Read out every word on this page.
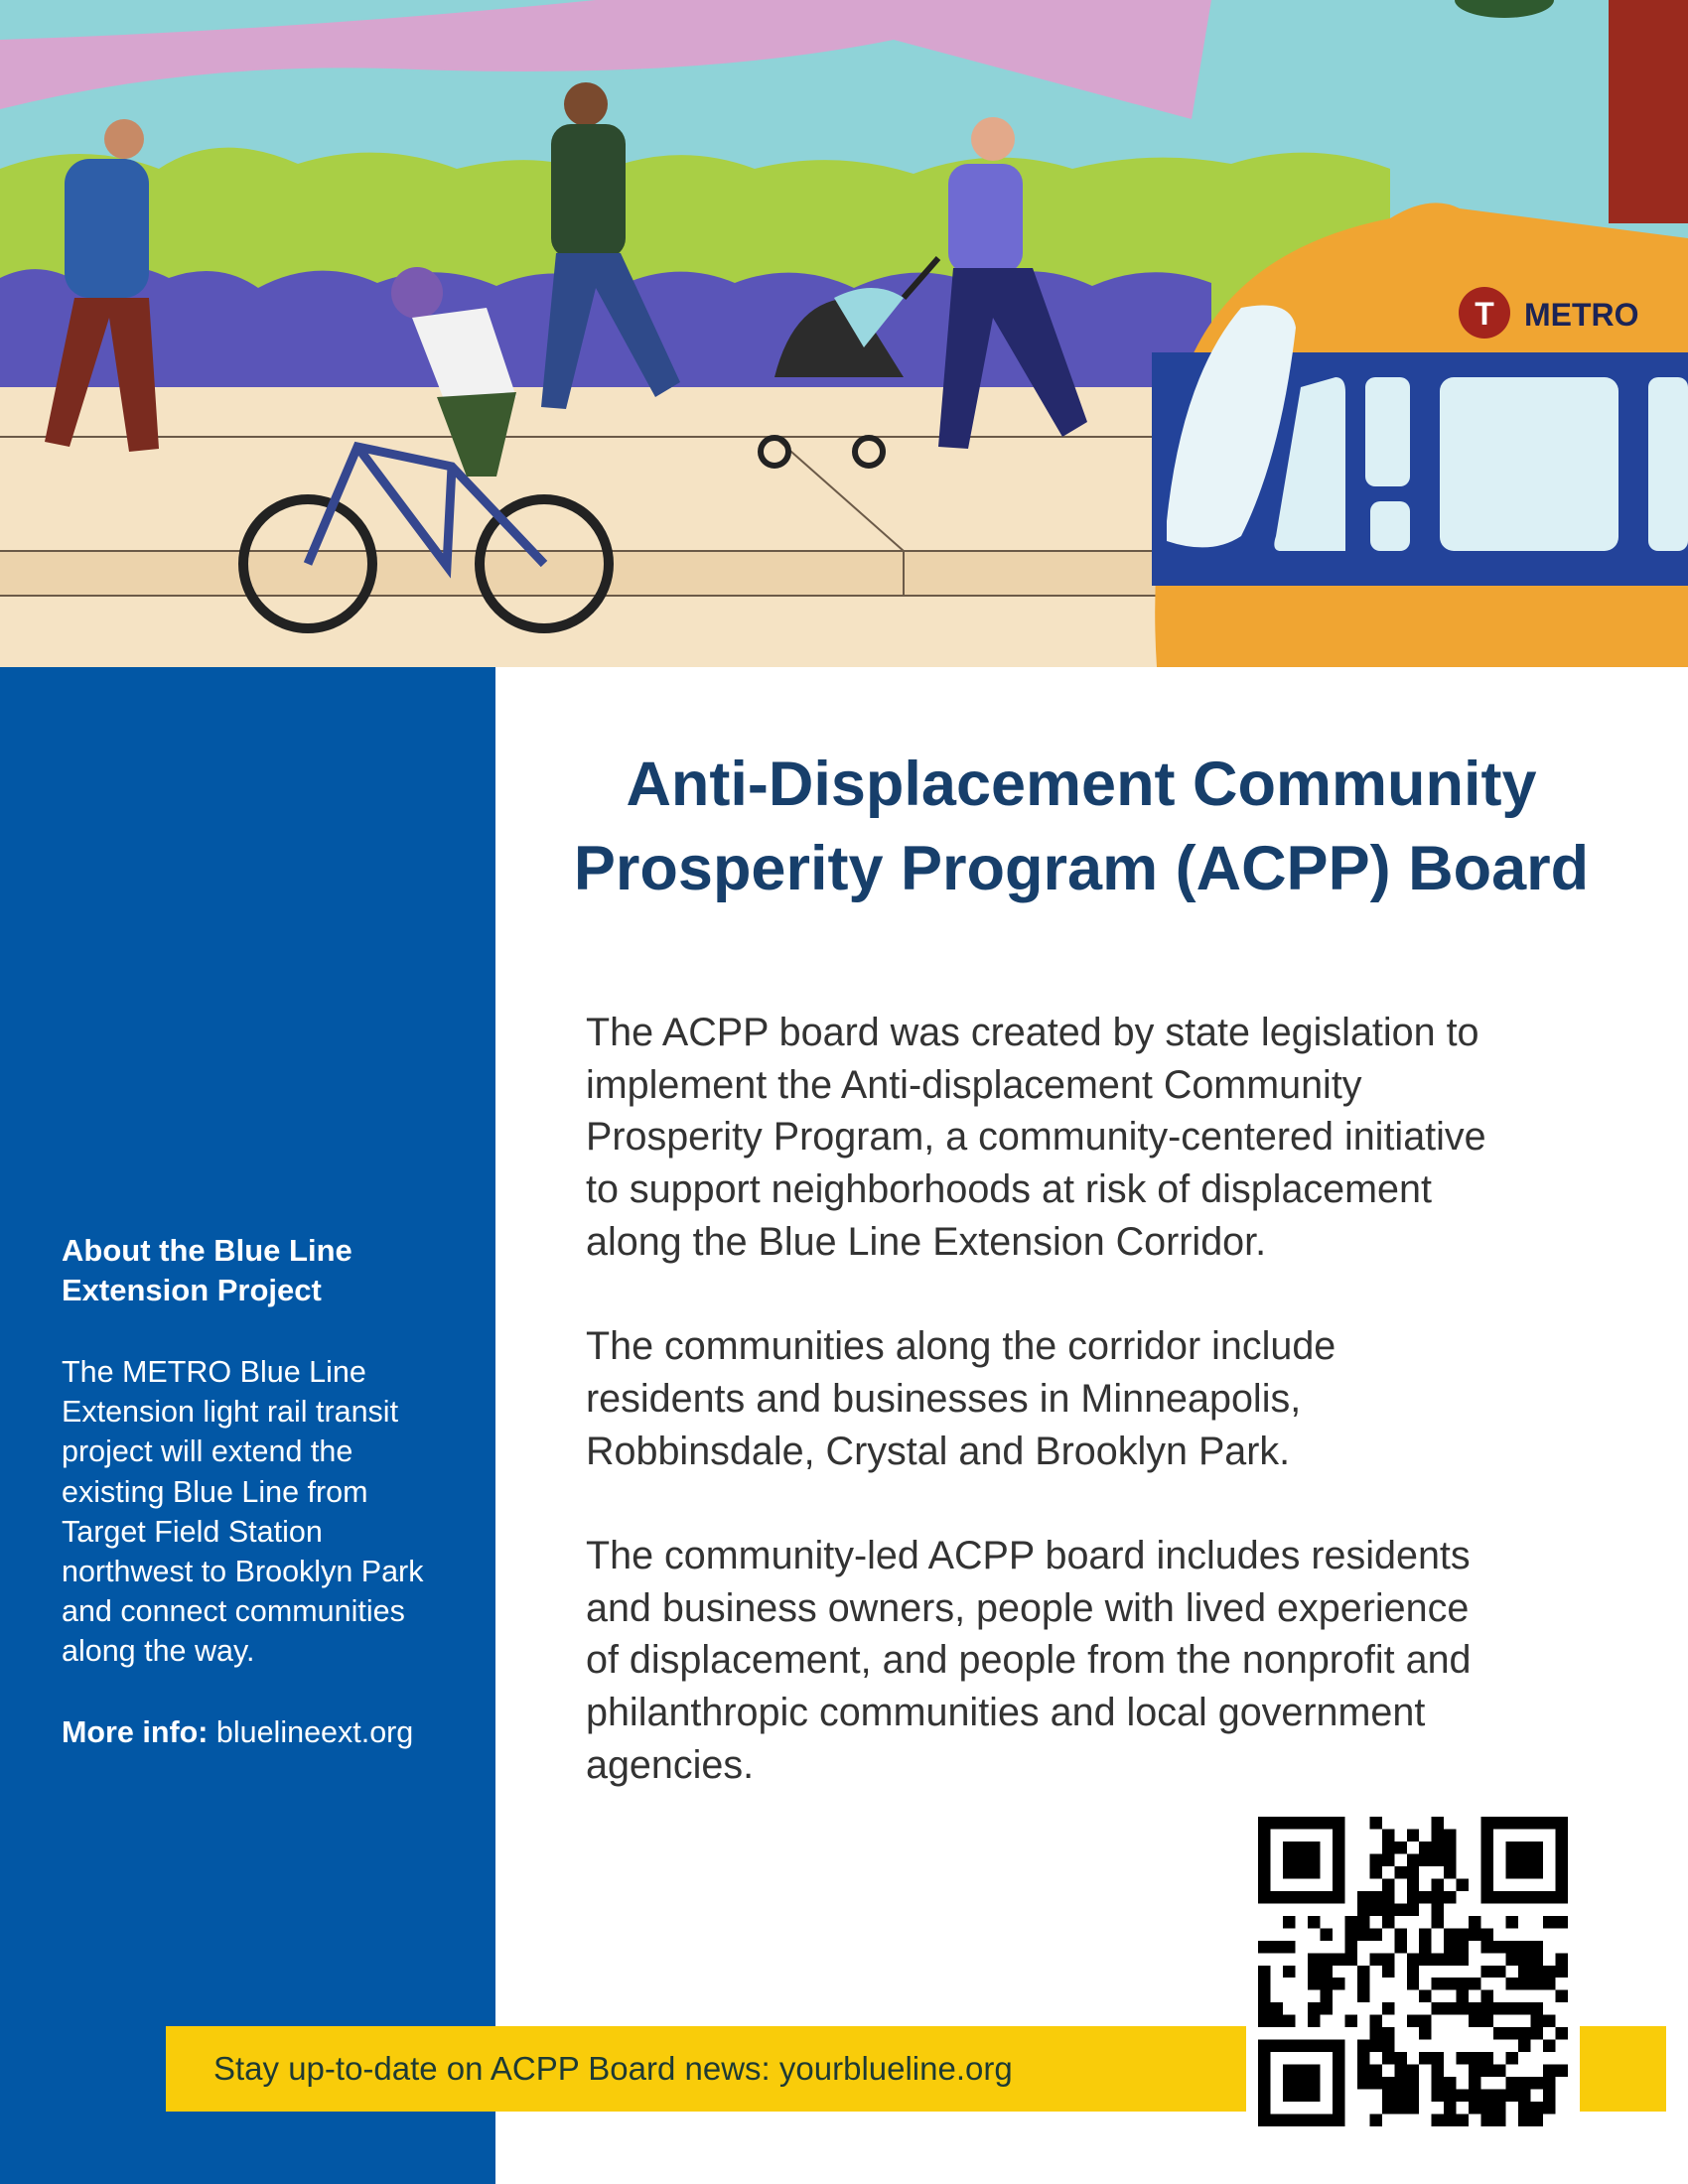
T METRO
About the Blue Line
Extension Project
The METRO Blue Line
Extension light rail transit
project will extend the
existing Blue Line from
Target Field Station
northwest to Brooklyn Park
and connect communities
along the way.
More info: bluelineext.org
Anti-Displacement Community
Prosperity Program (ACPP) Board
The ACPP board was created by state legislation to
implement the Anti-displacement Community
Prosperity Program, a community-centered initiative
to support neighborhoods at risk of displacement
along the Blue Line Extension Corridor.
The communities along the corridor include
residents and businesses in Minneapolis,
Robbinsdale, Crystal and Brooklyn Park.
The community-led ACPP board includes residents
and business owners, people with lived experience
of displacement, and people from the nonprofit and
philanthropic communities and local government
agencies.
Stay up-to-date on ACPP Board news: yourblueline.org
